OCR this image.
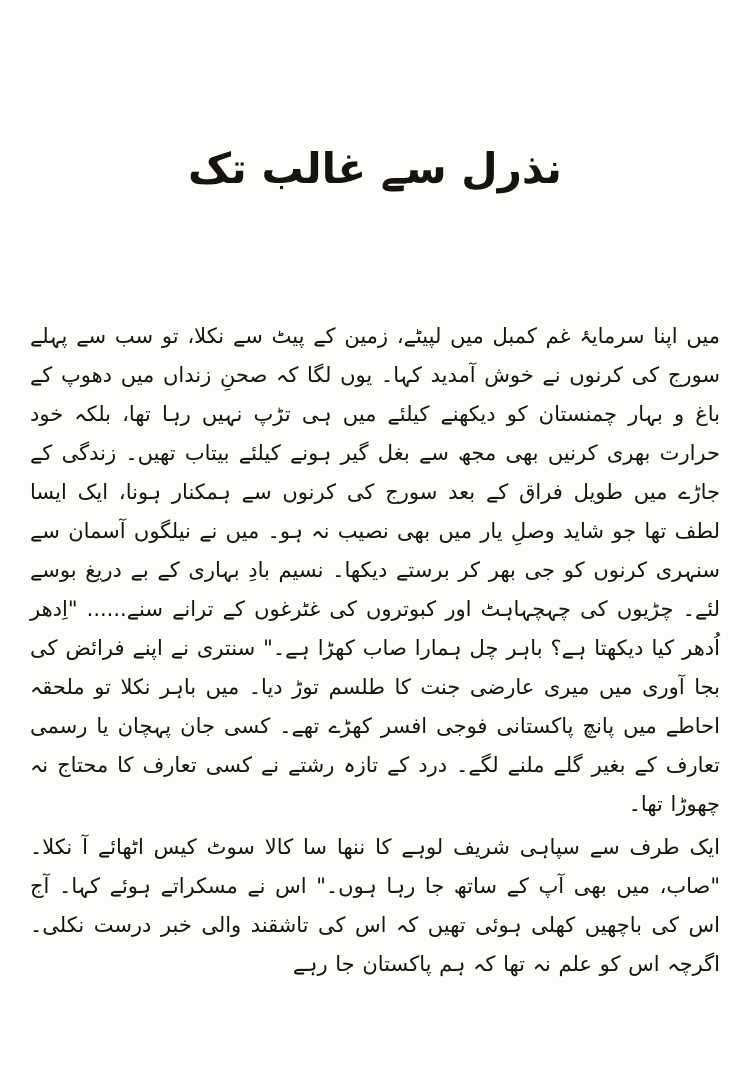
نذرل سے غالب تک

میں اپنا سرمایۂ غم کمبل میں لپیٹے، زمین کے پیٹ سے نکلا، تو سب سے پہلے سورج کی کرنوں نے خوش آمدید کہا۔ یوں لگا کہ صحنِ زنداں میں دھوپ کے باغ و بہار چمنستان کو دیکھنے کیلئے میں ہی تڑپ نہیں رہا تھا، بلکہ خود حرارت بھری کرنیں بھی مجھ سے بغل گیر ہونے کیلئے بیتاب تھیں۔ زندگی کے جاڑے میں طویل فراق کے بعد سورج کی کرنوں سے ہمکنار ہونا، ایک ایسا لطف تھا جو شاید وصلِ یار میں بھی نصیب نہ ہو۔ میں نے نیلگوں آسمان سے سنہری کرنوں کو جی بھر کر برستے دیکھا۔ نسیم بادِ بہاری کے بے دریغ بوسے لئے۔ چڑیوں کی چہچہاہٹ اور کبوتروں کی غٹرغوں کے ترانے سنے...... "اِدھر اُدھر کیا دیکھتا ہے؟ باہر چل ہمارا صاب کھڑا ہے۔" سنتری نے اپنے فرائض کی بجا آوری میں میری عارضی جنت کا طلسم توڑ دیا۔ میں باہر نکلا تو ملحقہ احاطے میں پانچ پاکستانی فوجی افسر کھڑے تھے۔ کسی جان پہچان یا رسمی تعارف کے بغیر گلے ملنے لگے۔ درد کے تازہ رشتے نے کسی تعارف کا محتاج نہ چھوڑا تھا۔

ایک طرف سے سپاہی شریف لوہے کا ننھا سا کالا سوٹ کیس اٹھائے آ نکلا۔ "صاب، میں بھی آپ کے ساتھ جا رہا ہوں۔" اس نے مسکراتے ہوئے کہا۔ آج اس کی باچھیں کھلی ہوئی تھیں کہ اس کی تاشقند والی خبر درست نکلی۔ اگرچہ اس کو علم نہ تھا کہ ہم پاکستان جا رہے
